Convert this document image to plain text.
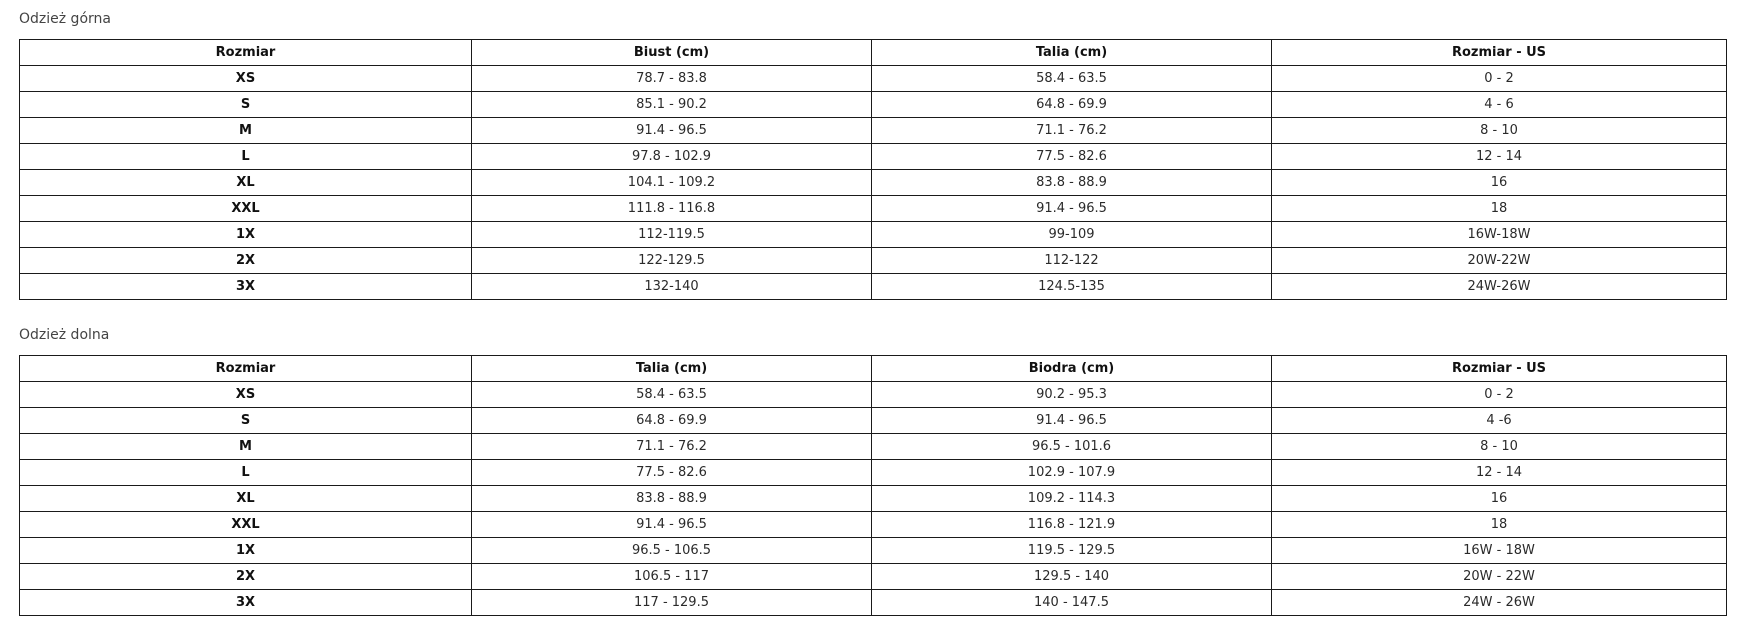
Odzież górna
Rozmiar	Biust (cm)	Talia (cm)	Rozmiar - US
XS	78.7 - 83.8	58.4 - 63.5	0 - 2
S	85.1 - 90.2	64.8 - 69.9	4 - 6
M	91.4 - 96.5	71.1 - 76.2	8 - 10
L	97.8 - 102.9	77.5 - 82.6	12 - 14
XL	104.1 - 109.2	83.8 - 88.9	16
XXL	111.8 - 116.8	91.4 - 96.5	18
1X	112-119.5	99-109	16W-18W
2X	122-129.5	112-122	20W-22W
3X	132-140	124.5-135	24W-26W
Odzież dolna
Rozmiar	Talia (cm)	Biodra (cm)	Rozmiar - US
XS	58.4 - 63.5	90.2 - 95.3	0 - 2
S	64.8 - 69.9	91.4 - 96.5	4 -6
M	71.1 - 76.2	96.5 - 101.6	8 - 10
L	77.5 - 82.6	102.9 - 107.9	12 - 14
XL	83.8 - 88.9	109.2 - 114.3	16
XXL	91.4 - 96.5	116.8 - 121.9	18
1X	96.5 - 106.5	119.5 - 129.5	16W - 18W
2X	106.5 - 117	129.5 - 140	20W - 22W
3X	117 - 129.5	140 - 147.5	24W - 26W
